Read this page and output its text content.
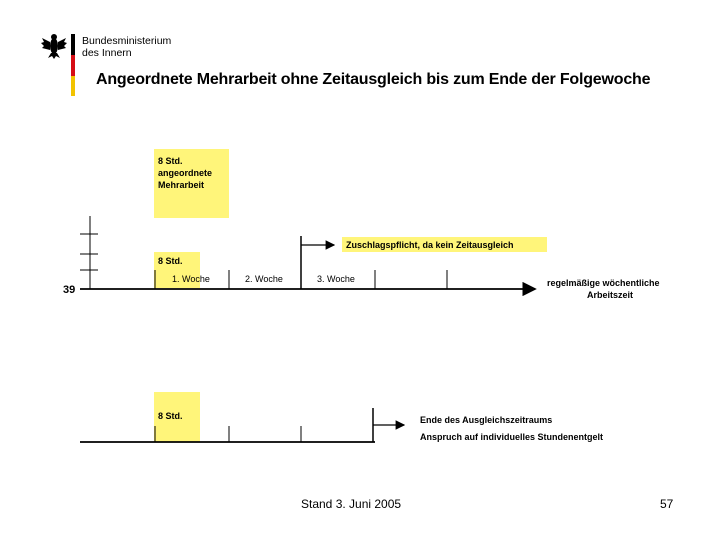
Bundesministerium
des Innern
Angeordnete Mehrarbeit ohne Zeitausgleich bis zum Ende der Folgewoche
8 Std.
angeordnete
Mehrarbeit
8 Std.
Zuschlagspflicht, da kein Zeitausgleich
1. Woche	2. Woche	3. Woche
39
regelmäßige wöchentliche
Arbeitszeit
8 Std.	Ende des Ausgleichszeitraums
Anspruch auf individuelles Stundenentgelt
Stand 3. Juni 2005	57
